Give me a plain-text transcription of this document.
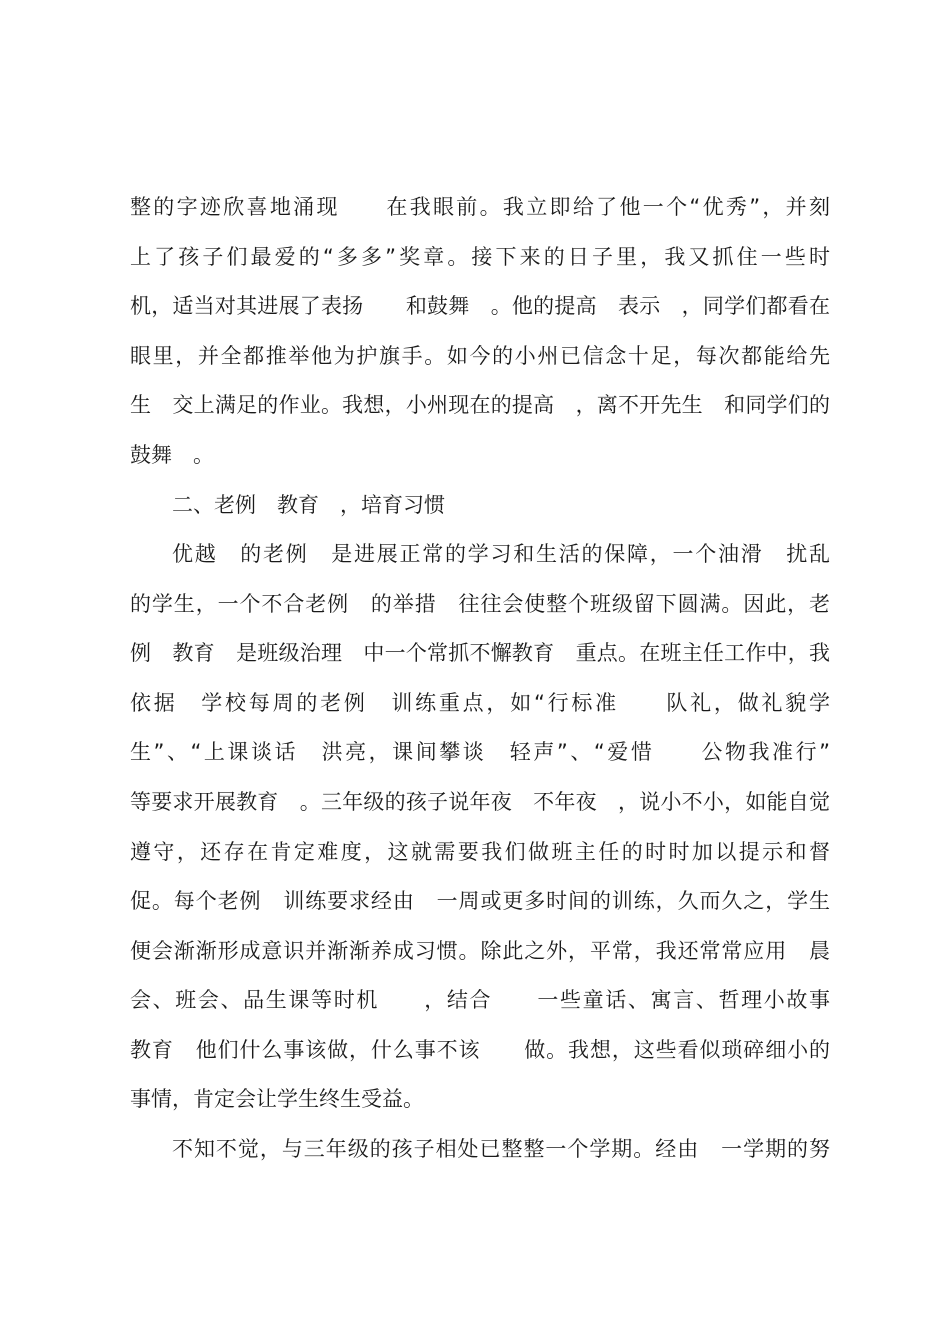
整的字迹欣喜地涌现　　在我眼前。我立即给了他一个“优秀”，并刻
上了孩子们最爱的“多多”奖章。接下来的日子里，我又抓住一些时
机，适当对其进展了表扬　　和鼓舞　。他的提高　表示　，同学们都看在
眼里，并全都推举他为护旗手。如今的小州已信念十足，每次都能给先
生　交上满足的作业。我想，小州现在的提高　，离不开先生　和同学们的
鼓舞　。
二、老例　教育　，培育习惯
优越　的老例　是进展正常的学习和生活的保障，一个油滑　扰乱
的学生，一个不合老例　的举措　往往会使整个班级留下圆满。因此，老
例　教育　是班级治理　中一个常抓不懈教育　重点。在班主任工作中，我
依据　学校每周的老例　训练重点，如“行标准　　队礼，做礼貌学
生”、“上课谈话　洪亮，课间攀谈　轻声”、“爱惜　　公物我准行”
等要求开展教育　。三年级的孩子说年夜　不年夜　，说小不小，如能自觉
遵守，还存在肯定难度，这就需要我们做班主任的时时加以提示和督
促。每个老例　训练要求经由　一周或更多时间的训练，久而久之，学生
便会渐渐形成意识并渐渐养成习惯。除此之外，平常，我还常常应用　晨
会、班会、品生课等时机　　，结合　　一些童话、寓言、哲理小故事
教育　他们什么事该做，什么事不该　　做。我想，这些看似琐碎细小的
事情，肯定会让学生终生受益。
不知不觉，与三年级的孩子相处已整整一个学期。经由　一学期的努
